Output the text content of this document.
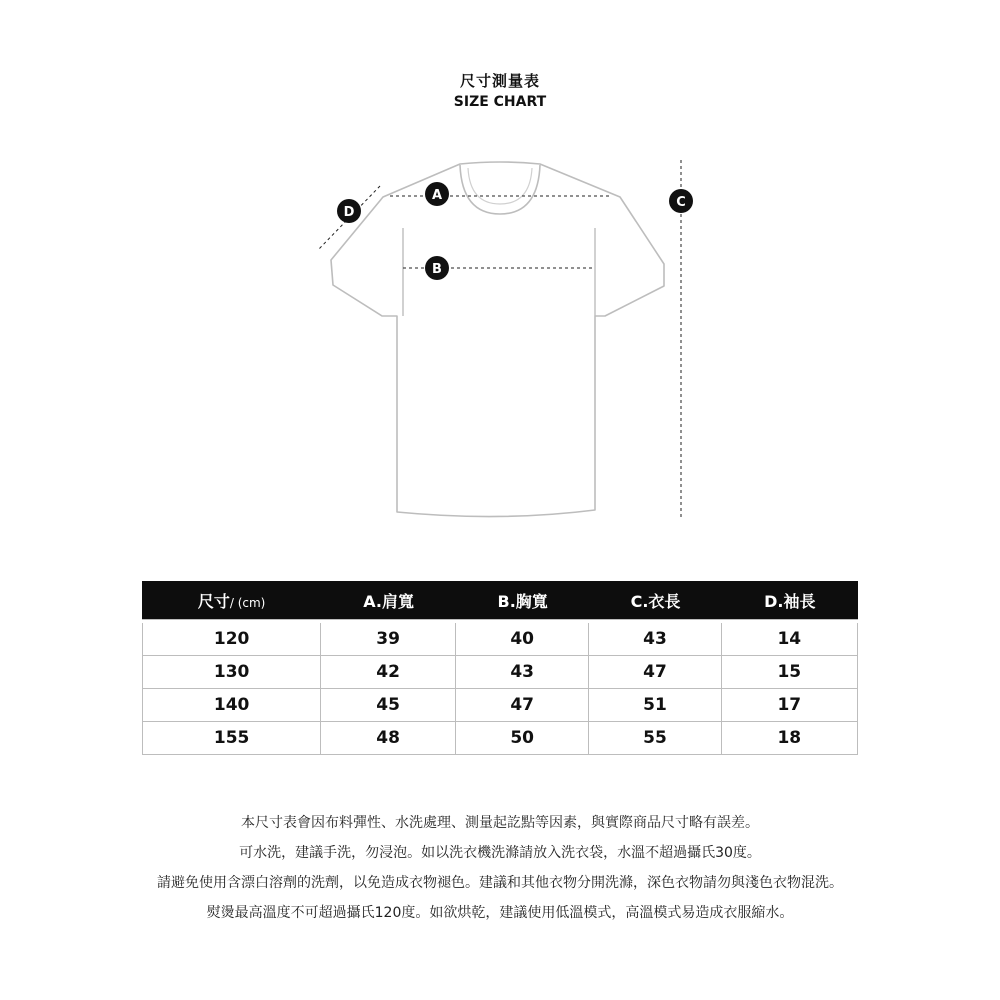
尺寸測量表
SIZE CHART
A
B
C
D
尺寸/ (cm)	A.肩寬	B.胸寬	C.衣長	D.袖長

120	39	40	43	14
130	42	43	47	15
140	45	47	51	17
155	48	50	55	18
本尺寸表會因布料彈性、水洗處理、測量起訖點等因素，與實際商品尺寸略有誤差。
可水洗，建議手洗，勿浸泡。如以洗衣機洗滌請放入洗衣袋，水溫不超過攝氏30度。
請避免使用含漂白溶劑的洗劑，以免造成衣物褪色。建議和其他衣物分開洗滌，深色衣物請勿與淺色衣物混洗。
熨燙最高溫度不可超過攝氏120度。如欲烘乾，建議使用低溫模式，高溫模式易造成衣服縮水。
